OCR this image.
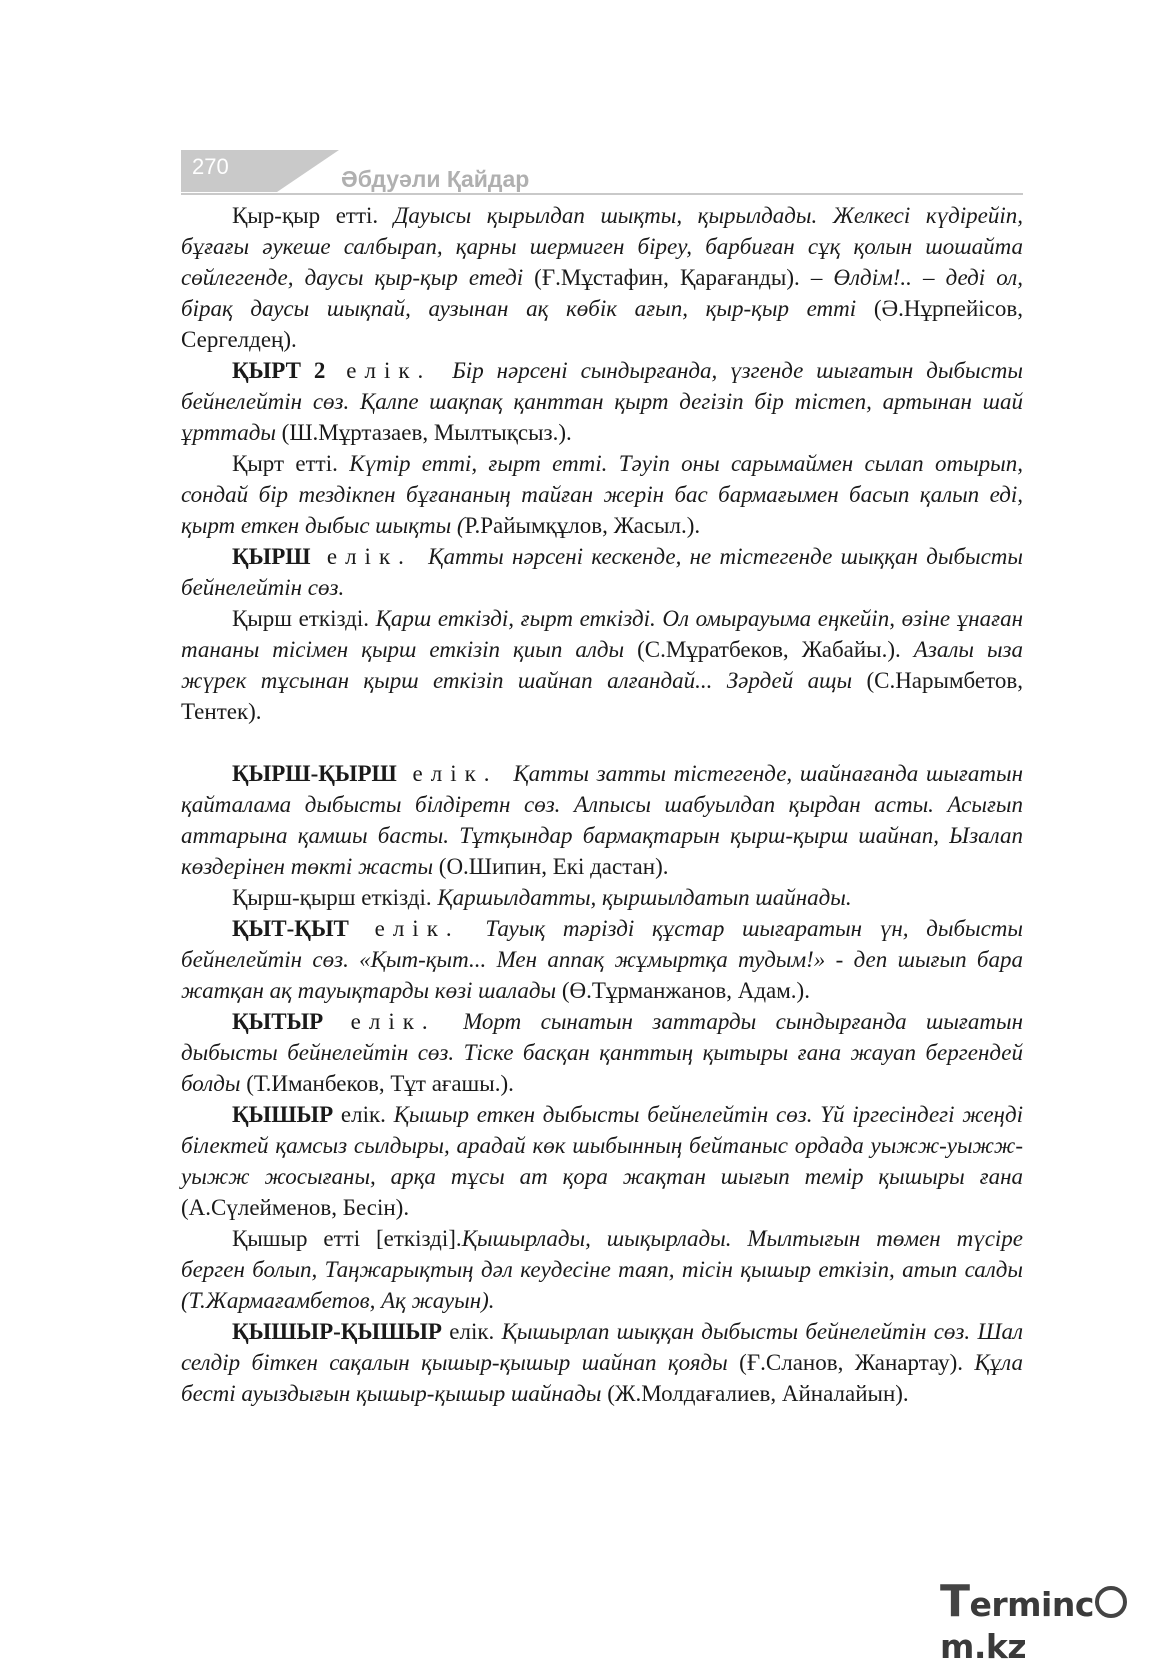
270	Әбдуәли Қайдар

Қыр-қыр етті. Дауысы қырылдап шықты, қырылдады. Желкесі күдірейіп, бұғағы әукеше салбырап, қарны шермиген біреу, барбиған сұқ қолын шошайта сөйлегенде, даусы қыр-қыр етеді (Ғ.Мұстафин, Қарағанды). – Өлдім!.. – деді ол, бірақ даусы шықпай, аузынан ақ көбік ағып, қыр-қыр етті (Ә.Нұрпейісов, Сергелдең).

ҚЫРТ 2 елік. Бір нәрсені сындырғанда, үзгенде шығатын дыбысты бейнелейтін сөз. Қалпе шақпақ қанттан қырт дегізіп бір тістеп, артынан шай ұрттады (Ш.Мұртазаев, Мылтықсыз.).

Қырт етті. Күтір етті, ғырт етті. Тәуіп оны сарымаймен сылап отырып, сондай бір тездікпен бұғананың тайған жерін бас бармағымен басып қалып еді, қырт еткен дыбыс шықты (Р.Райымқұлов, Жасыл.).

ҚЫРШ елік. Қатты нәрсені кескенде, не тістегенде шыққан дыбысты бейнелейтін сөз.

Қырш еткізді. Қарш еткізді, ғырт еткізді. Ол омырауыма еңкейіп, өзіне ұнаған тананы тісімен қырш еткізіп қиып алды (С.Мұратбеков, Жабайы.). Азалы ыза жүрек тұсынан қырш еткізіп шайнап алғандай... Зәрдей ащы (С.Нарымбетов, Тентек).

ҚЫРШ-ҚЫРШ елік. Қатты затты тістегенде, шайнағанда шығатын қайталама дыбысты білдіретн сөз. Алпысы шабуылдап қырдан асты. Асығып аттарына қамшы басты. Тұтқындар бармақтарын қырш-қырш шайнап, Ызалап көздерінен төкті жасты (О.Шипин, Екі дастан).

Қырш-қырш еткізді. Қаршылдатты, қыршылдатып шайнады.

ҚЫТ-ҚЫТ елік. Тауық тәрізді құстар шығаратын үн, дыбысты бейнелейтін сөз. «Қыт-қыт... Мен аппақ жұмыртқа тудым!» - деп шығып бара жатқан ақ тауықтарды көзі шалады (Ө.Тұрманжанов, Адам.).

ҚЫТЫР елік. Морт сынатын заттарды сындырғанда шығатын дыбысты бейнелейтін сөз. Тіске басқан қанттың қытыры ғана жауап бергендей болды (Т.Иманбеков, Тұт ағашы.).

ҚЫШЫР елік. Қышыр еткен дыбысты бейнелейтін сөз. Үй іргесіндегі жеңді білектей қамсыз сылдыры, арадай көк шыбынның бейтаныс ордада уыжж-уыжж-уыжж жосығаны, арқа тұсы ат қора жақтан шығып темір қышыры ғана (А.Сүлейменов, Бесін).

Қышыр етті [еткізді].Қышырлады, шықырлады. Мылтығын төмен түсіре берген болып, Таңжарықтың дәл кеудесіне таяп, тісін қышыр еткізіп, атып салды (Т.Жармағамбетов, Ақ жауын).

ҚЫШЫР-ҚЫШЫР елік. Қышырлап шыққан дыбысты бейнелейтін сөз. Шал селдір біткен сақалын қышыр-қышыр шайнап қояды (Ғ.Сланов, Жанартау). Құла бесті ауыздығын қышыр-қышыр шайнады (Ж.Молдағалиев, Айналайын).

Termincm.kz
